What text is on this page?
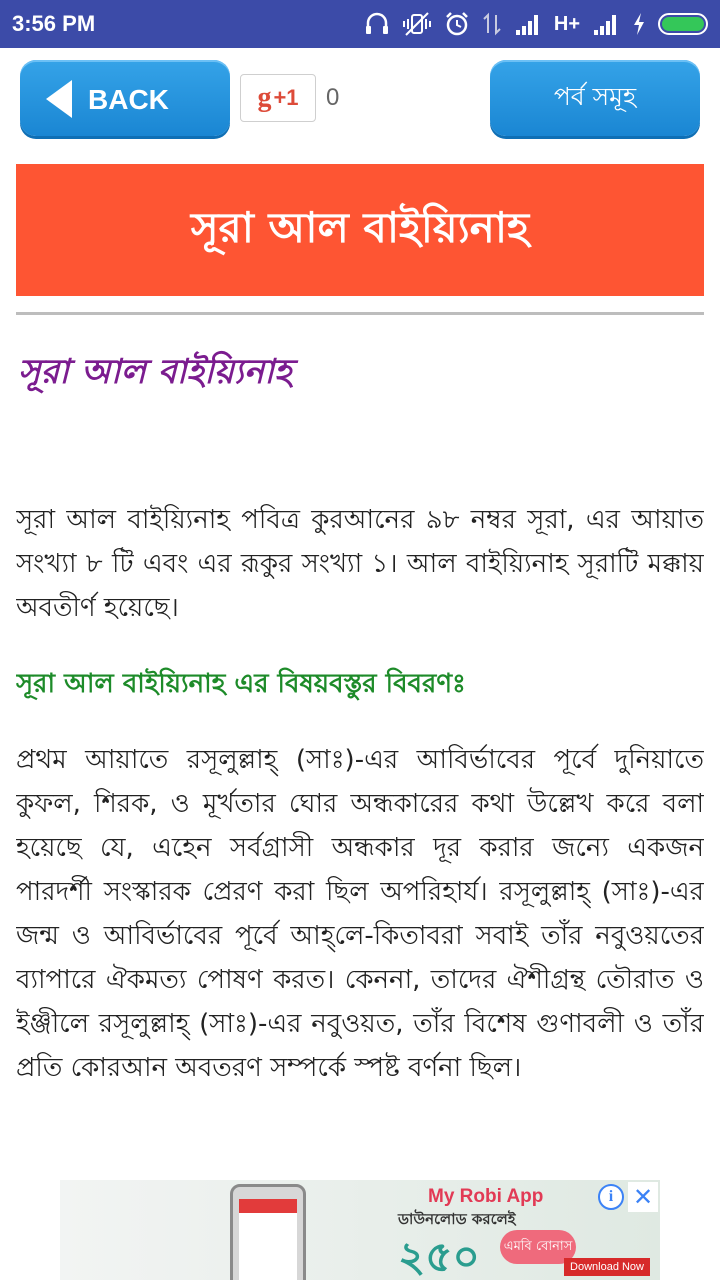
3:56 PM	H+
BACK	g +1 0	পর্ব সমূহ
সূরা আল বাইয়্যিনাহ
সূরা আল বাইয়্যিনাহ
সূরা আল বাইয়্যিনাহ পবিত্র কুরআনের ৯৮ নম্বর সূরা, এর আয়াত সংখ্যা ৮ টি এবং এর রূকুর সংখ্যা ১। আল বাইয়্যিনাহ সূরাটি মক্কায় অবতীর্ণ হয়েছে।
সূরা আল বাইয়্যিনাহ এর বিষয়বস্তুর বিবরণঃ
প্রথম আয়াতে রসূলুল্লাহ্‌ (সাঃ)-এর আবির্ভাবের পূর্বে দুনিয়াতে কুফল, শিরক, ও মূর্খতার ঘোর অন্ধকারের কথা উল্লেখ করে বলা হয়েছে যে, এহেন সর্বগ্রাসী অন্ধকার দূর করার জন্যে একজন পারদর্শী সংস্কারক প্রেরণ করা ছিল অপরিহার্য। রসূলুল্লাহ্‌ (সাঃ)-এর জন্ম ও আবির্ভাবের পূর্বে আহ্‌লে-কিতাবরা সবাই তাঁর নবুওয়তের ব্যাপারে ঐকমত্য পোষণ করত। কেননা, তাদের ঐশীগ্রন্থ তৌরাত ও ইঞ্জীলে রসূলুল্লাহ্‌ (সাঃ)-এর নবুওয়ত, তাঁর বিশেষ গুণাবলী ও তাঁর প্রতি কোরআন অবতরণ সম্পর্কে স্পষ্ট বর্ণনা ছিল।
My Robi App
ডাউনলোড করলেই
২৫০ এমবি বোনাস
Download Now
i ✕
